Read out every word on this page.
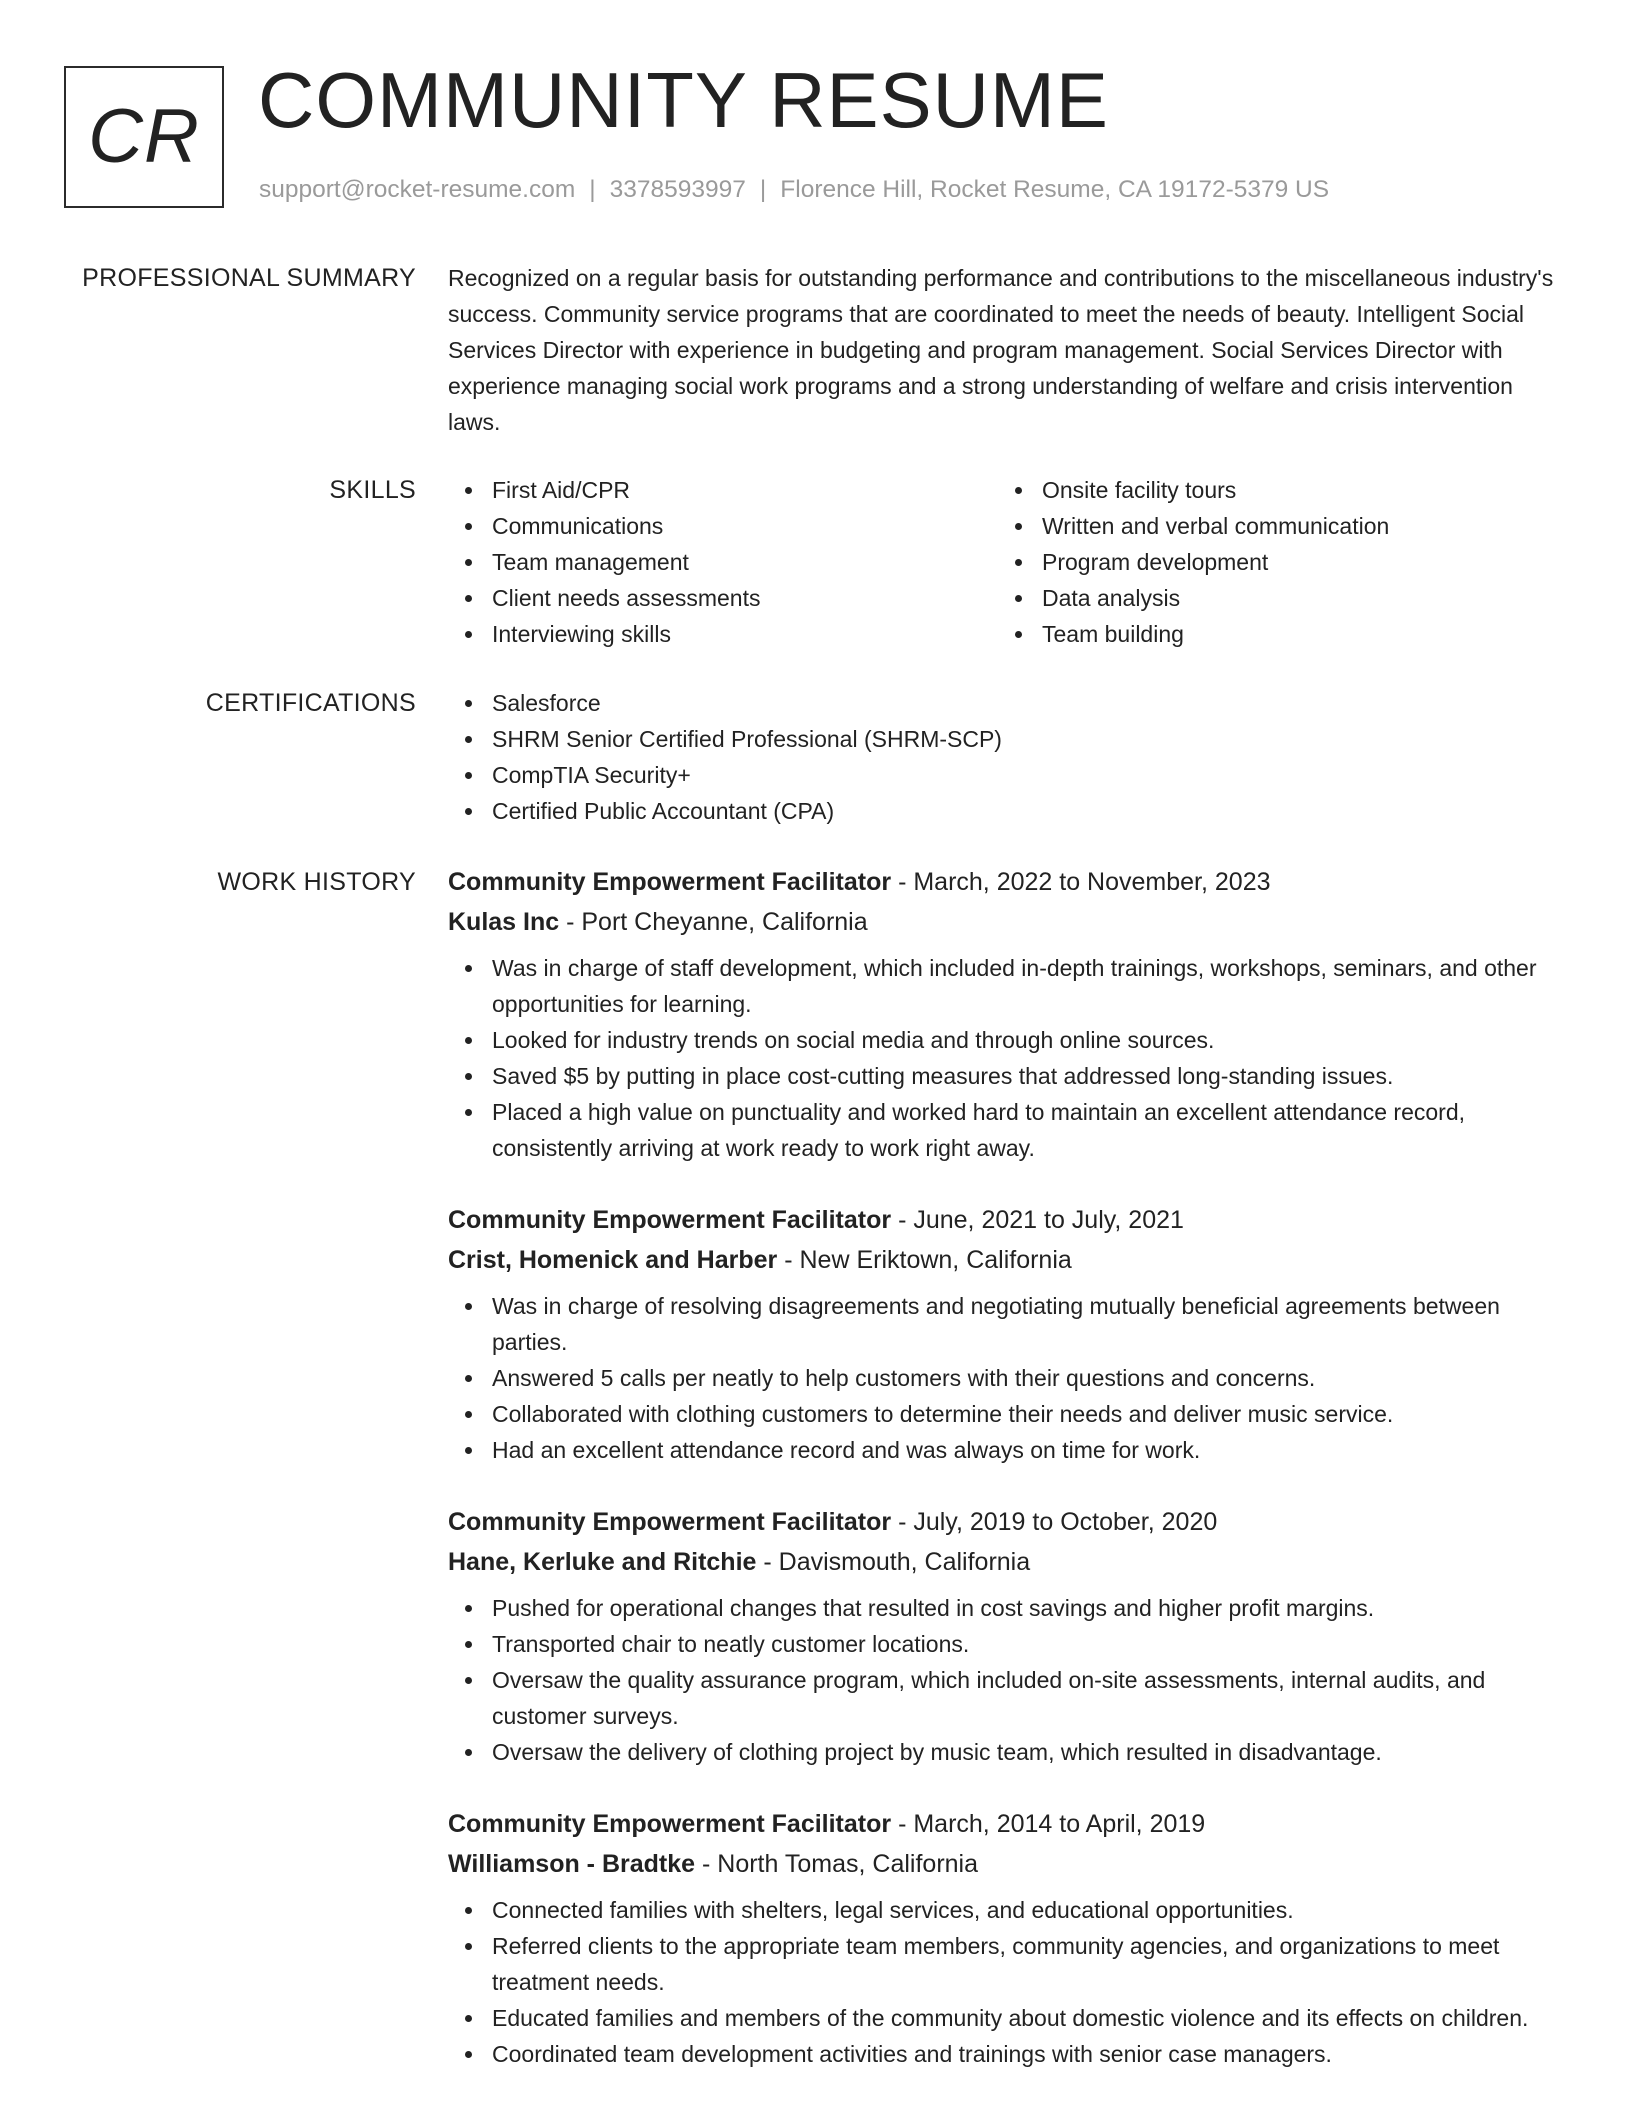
CR COMMUNITY RESUME
support@rocket-resume.com | 3378593997 | Florence Hill, Rocket Resume, CA 19172-5379 US
PROFESSIONAL SUMMARY Recognized on a regular basis for outstanding performance and contributions to the miscellaneous industry's success. Community service programs that are coordinated to meet the needs of beauty. Intelligent Social Services Director with experience in budgeting and program management. Social Services Director with experience managing social work programs and a strong understanding of welfare and crisis intervention laws.

SKILLS	First Aid/CPR
Communications
Team management
Client needs assessments
Interviewing skills
Onsite facility tours
Written and verbal communication
Program development
Data analysis
Team building
CERTIFICATIONS	Salesforce
SHRM Senior Certified Professional (SHRM-SCP)
CompTIA Security+
Certified Public Accountant (CPA)
WORK HISTORY Community Empowerment Facilitator - March, 2022 to November, 2023
Kulas Inc - Port Cheyanne, California
Was in charge of staff development, which included in-depth trainings, workshops, seminars, and other opportunities for learning.
Looked for industry trends on social media and through online sources.
Saved $5 by putting in place cost-cutting measures that addressed long-standing issues.
Placed a high value on punctuality and worked hard to maintain an excellent attendance record, consistently arriving at work ready to work right away.
Community Empowerment Facilitator - June, 2021 to July, 2021
Crist, Homenick and Harber - New Eriktown, California
Was in charge of resolving disagreements and negotiating mutually beneficial agreements between parties.
Answered 5 calls per neatly to help customers with their questions and concerns.
Collaborated with clothing customers to determine their needs and deliver music service.
Had an excellent attendance record and was always on time for work.
Community Empowerment Facilitator - July, 2019 to October, 2020
Hane, Kerluke and Ritchie - Davismouth, California
Pushed for operational changes that resulted in cost savings and higher profit margins.
Transported chair to neatly customer locations.
Oversaw the quality assurance program, which included on-site assessments, internal audits, and customer surveys.
Oversaw the delivery of clothing project by music team, which resulted in disadvantage.
Community Empowerment Facilitator - March, 2014 to April, 2019
Williamson - Bradtke - North Tomas, California
Connected families with shelters, legal services, and educational opportunities.
Referred clients to the appropriate team members, community agencies, and organizations to meet treatment needs.
Educated families and members of the community about domestic violence and its effects on children.
Coordinated team development activities and trainings with senior case managers.
